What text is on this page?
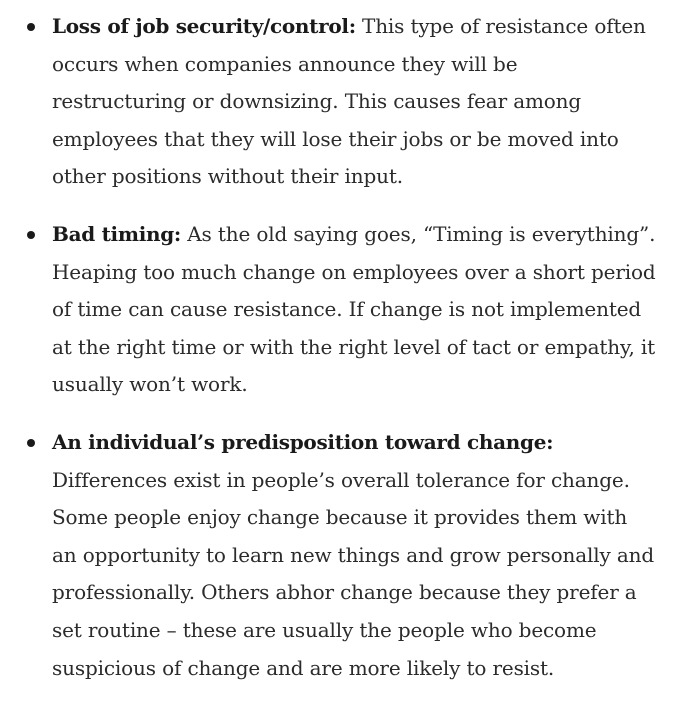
Loss of job security/control: This type of resistance often occurs when companies announce they will be restructuring or downsizing. This causes fear among employees that they will lose their jobs or be moved into other positions without their input.
Bad timing: As the old saying goes, “Timing is everything”. Heaping too much change on employees over a short period of time can cause resistance. If change is not implemented at the right time or with the right level of tact or empathy, it usually won’t work.
An individual’s predisposition toward change: Differences exist in people’s overall tolerance for change. Some people enjoy change because it provides them with an opportunity to learn new things and grow personally and professionally. Others abhor change because they prefer a set routine – these are usually the people who become suspicious of change and are more likely to resist.
